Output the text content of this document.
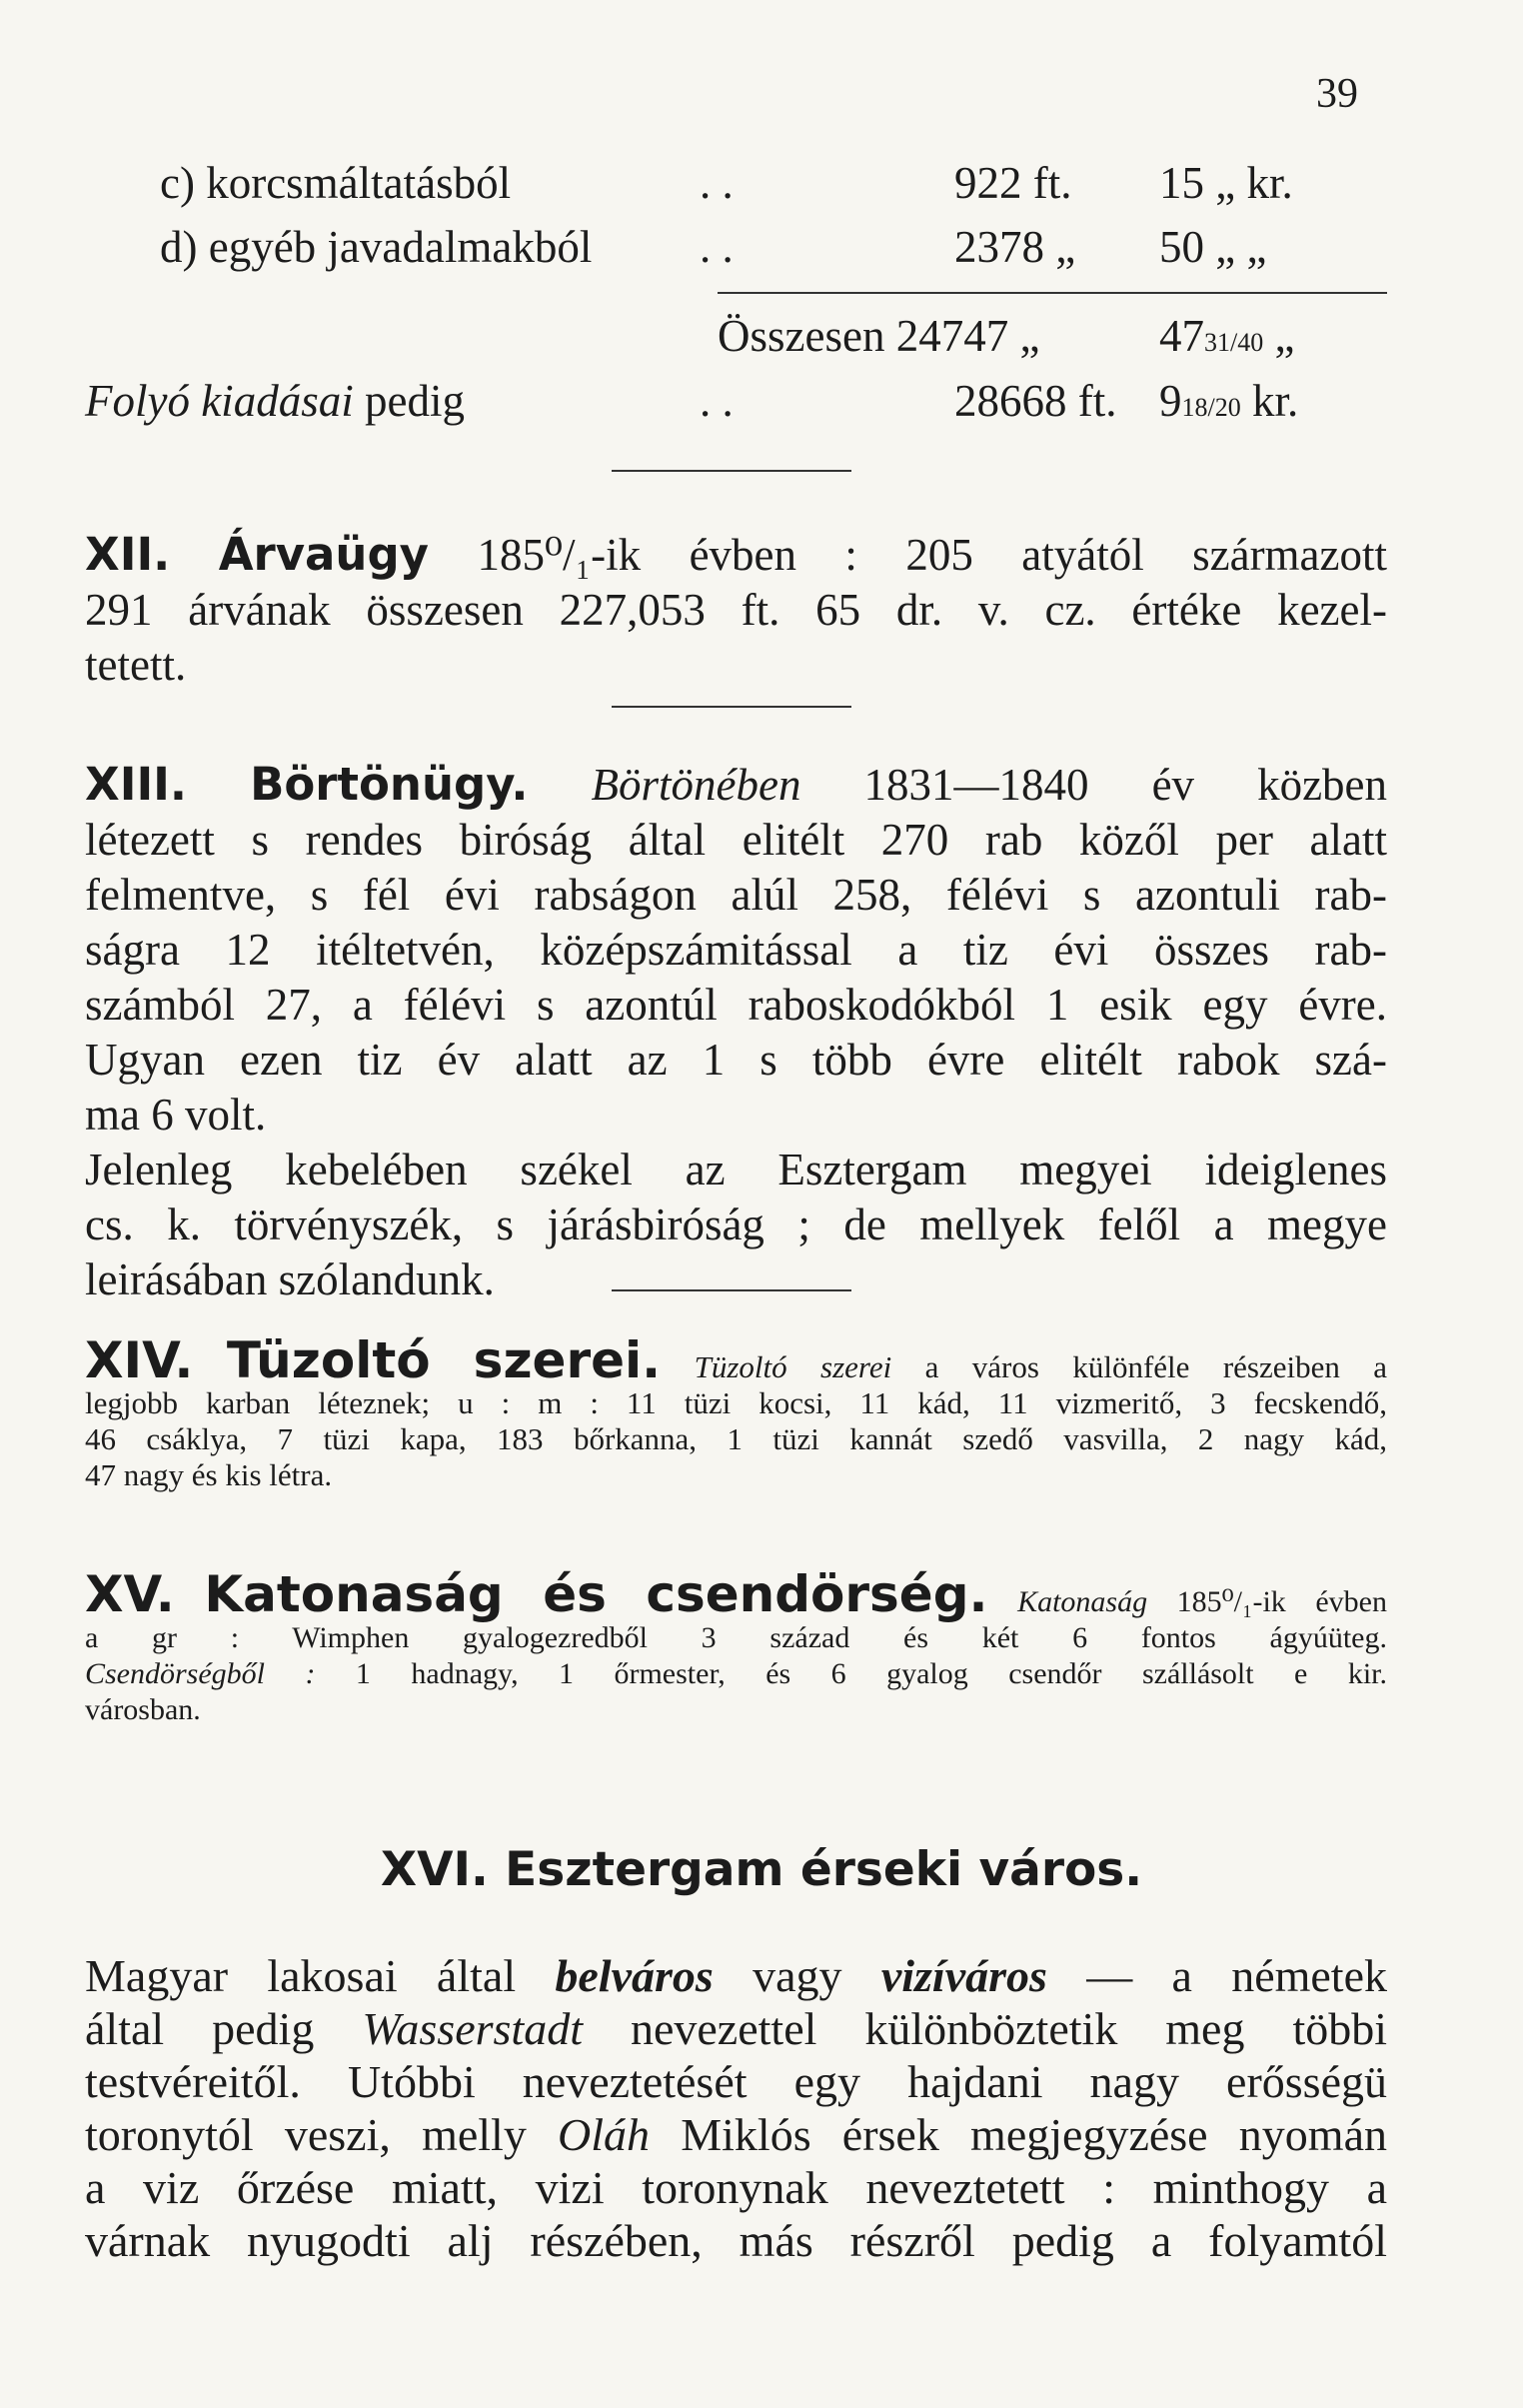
39
c) korcsmáltatásból	. .	922 ft. 15 „ kr.
d) egyéb javadalmakból . .	2378 „ 50 „ „
Összesen 24747 „	4731/40 „
Folyó kiadásai pedig	. .	28668 ft. 918/20 kr.
XII. Árvaügy 185⁰/₁-ik évben : 205 atyától származott
291 árvának összesen 227,053 ft. 65 dr. v. cz. értéke kezel-
tetett.
XIII. Börtönügy. Börtönében 1831—1840 év közben
létezett s rendes biróság által elitélt 270 rab közől per alatt
felmentve, s fél évi rabságon alúl 258, félévi s azontuli rab-
ságra 12 itéltetvén, középszámitással a tiz évi összes rab-
számból 27, a félévi s azontúl raboskodókból 1 esik egy évre.
Ugyan ezen tiz év alatt az 1 s több évre elitélt rabok szá-
ma 6 volt.
Jelenleg kebelében székel az Esztergam megyei ideiglenes
cs. k. törvényszék, s járásbiróság ; de mellyek felől a megye
leirásában szólandunk.
XIV. Tüzoltó szerei. Tüzoltó szerei a város különféle részeiben a
legjobb karban léteznek; u : m : 11 tüzi kocsi, 11 kád, 11 vizmeritő, 3 fecskendő,
46 csáklya, 7 tüzi kapa, 183 bőrkanna, 1 tüzi kannát szedő vasvilla, 2 nagy kád,
47 nagy és kis létra.
XV. Katonaság és csendörség. Katonaság 185⁰/₁-ik évben
a gr : Wimphen gyalogezredből 3 század és két 6 fontos ágyúüteg.
Csendörségből : 1 hadnagy, 1 őrmester, és 6 gyalog csendőr szállásolt e kir.
városban.
XVI. Esztergam érseki város.
Magyar lakosai által belváros vagy vizíváros — a németek
által pedig Wasserstadt nevezettel különböztetik meg többi
testvéreitől. Utóbbi neveztetését egy hajdani nagy erősségü
toronytól veszi, melly Oláh Miklós érsek megjegyzése nyomán
a viz őrzése miatt, vizi toronynak neveztetett : minthogy a
várnak nyugodti alj részében, más részről pedig a folyamtól
